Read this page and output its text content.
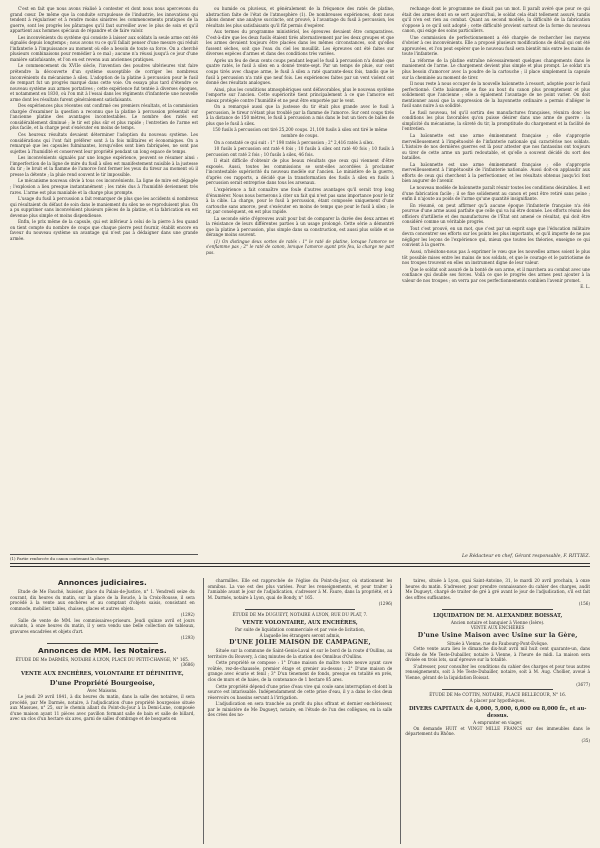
C'est en fait que nous avons réalisé à contester et dont nous nous apercevons du grand cœur. De même que la conduite scrupuleuse de l'industrie, les innovations qui tendent à régulariser et à rendre moins sinistres les commencements pratiques de la guerre, sont les progrès les pâturages qu'il faut surveiller avec le plus de soin et qu'il appartient aux hommes spéciaux de répandre et de faire valoir.
Les inconvénients du système qui consiste à laisser aux soldats la seule arme ont été signalés depuis longtemps ; nous avons vu ce qu'il fallait penser d'une mesure qui réduit l'infanterie à l'impuissance au moment où elle a besoin de toute sa force. On a cherché plusieurs combinaisons pour remédier à ce mal ; aucune n'a réussi jusqu'à ce jour d'une manière satisfaisante, et l'on en est revenu aux anciennes pratiques.
Le commencement du XVIIe siècle, l'invention des poudres ultérieures vint faire prétendre la découverte d'un système susceptible de corriger les nombreux inconvénients du mécanisme à silex. L'adoption de la platine à percussion pour le fusil de rempart fut un progrès marqué dans cette voie. On essaya plus tard d'étendre ce nouveau système aux armes portatives ; cette expérience fut tentée à diverses époques, et notamment en 1830, où l'on mit à l'essai dans les régiments d'infanterie une nouvelle arme dont les résultats furent généralement satisfaisants.
Des expériences plus récentes ont confirmé ces premiers résultats, et la commission chargée d'examiner la question a reconnu que la platine à percussion présentait sur l'ancienne platine des avantages incontestables. Le nombre des ratés est considérablement diminué ; le tir est plus sûr et plus rapide ; l'entretien de l'arme est plus facile, et la charge peut s'exécuter en moins de temps.
Ces heureux résultats devaient déterminer l'adoption du nouveau système. Les considérations qui l'ont fait préférer sont à la fois militaires et économiques. On a remarqué que les capsules fulminantes, lorsqu'elles sont bien fabriquées, ne sont pas sujettes à l'humidité et conservent leur propriété pendant un long espace de temps.
Les inconvénients signalés par une longue expérience, peuvent se résumer ainsi : l'imperfection de la ligne de mire du fusil à silex est manifestement nuisible à la justesse du tir ; le bruit et la flamme de l'amorce font fermer les yeux du tireur au moment où il presse la détente ; la pluie rend souvent le tir impossible.
Le mécanisme nouveau obvie à tous ces inconvénients. La ligne de mire est dégagée ; l'explosion a lieu presque instantanément ; les ratés dus à l'humidité deviennent très rares. L'arme est plus maniable et la charge plus prompte.
L'usage du fusil à percussion a fait remarquer de plus que les accidents si nombreux qui résultaient du défaut de soin dans le maniement du silex ne se reproduisent plus. On a pu supprimer sans inconvénient plusieurs pièces de la platine, et la fabrication en est devenue plus simple et moins dispendieuse.
Enfin, le prix même de la capsule, qui est inférieur à celui de la pierre à feu quand on tient compte du nombre de coups que chaque pierre peut fournir, établit encore en faveur du nouveau système un avantage qui n'est pas à dédaigner dans une grande armée.
(1) Partie renforcée du canon contenant la charge.
ou humide ou pluvieux, et généralement de la fréquence des ratés de platine, abstraction faite de l'état de l'atmosphère (1). De nombreuses expériences, dont nous allons donner une analyse succincte, ont prouvé, à l'avantage du fusil à percussion, les résultats les plus satisfaisants qu'il fût permis d'espérer.
Aux termes du programme ministériel, les épreuves devaient être comparatives. C'est-à-dire que les deux fusils étaient tirés alternativement par les deux groupes et que les armes devaient toujours être placées dans les mêmes circonstances, soit qu'elles fussent sèches, soit que l'eau du ciel les mouillât. Les épreuves ont été faites sur diverses espèces d'armes et dans des conditions très variées.
Après un feu de deux cents coups pendant lequel le fusil à percussion n'a donné que quatre ratés, le fusil à silex en a donné trente-sept. Par un temps de pluie, sur cent coups tirés avec chaque arme, le fusil à silex a raté quarante-deux fois, tandis que le fusil à percussion n'a raté que neuf fois. Les expériences faites par un vent violent ont donné des résultats analogues.
Ainsi, plus les conditions atmosphériques sont défavorables, plus le nouveau système l'emporte sur l'ancien. Cette supériorité tient principalement à ce que l'amorce est mieux protégée contre l'humidité et ne peut être emportée par le vent.
On a remarqué aussi que la justesse du tir était plus grande avec le fusil à percussion, le tireur n'étant plus troublé par la flamme de l'amorce. Sur cent coups tirés à la distance de 150 mètres, le fusil à percussion a mis dans le but un tiers de balles de plus que le fusil à silex.
150 fusils à percussion ont tiré 25,200 coups. 21,100 fusils à silex ont tiré le même nombre de coups.
On a constaté ce qui suit : 1° 198 ratés à percussion ; 2° 2,416 ratés à silex.
10 fusils à percussion ont raté 4 fois ; 10 fusils à silex ont raté 40 fois ; 10 fusils à percussion ont raté 2 fois ; 10 fusils à silex, 46 fois.
Il était difficile d'obtenir de plus beaux résultats que ceux qui viennent d'être exposés. Aussi, toutes les commissions se sont-elles accordées à proclamer l'incontestable supériorité du nouveau modèle sur l'ancien. Le ministère de la guerre, d'après ces rapports, a décidé que la transformation des fusils à silex en fusils à percussion serait entreprise dans tous les arsenaux.
L'expérience a fait connaître une foule d'autres avantages qu'il serait trop long d'énumérer. Nous nous bornerons à citer un fait qui n'est pas sans importance pour le tir à la cible. La charge, pour le fusil à percussion, étant composée uniquement d'une cartouche sans amorce, peut s'exécuter en moins de temps que pour le fusil à silex ; le tir, par conséquent, en est plus rapide.
La seconde série d'épreuves avait pour but de comparer la durée des deux armes et la résistance de leurs différentes parties à un usage prolongé. Cette série a démontré que la platine à percussion, plus simple dans sa construction, est aussi plus solide et se dérange moins souvent.
(1) On distingue deux sortes de ratés : 1° le raté de platine, lorsque l'amorce ne s'enflamme pas ; 2° le raté de canon, lorsque l'amorce ayant pris feu, la charge ne part pas.
rechange dont le programme ne disait pas un mot. Il paraît avéré que pour ce qui était des armes dont on se sert aujourd'hui, le soldat cela était tellement assuré, tandis qu'il n'en est rien au combat. Quant au second modèle, la difficulté de la fabrication s'oppose à ce qu'il soit adopté ; cette difficulté provient surtout de la forme du nouveau canon, qui exige des soins particuliers.
Une commission de perfectionnement a été chargée de rechercher les moyens d'obvier à ces inconvénients. Elle a proposé plusieurs modifications de détail qui ont été approuvées, et l'on peut espérer que le nouveau fusil sera bientôt mis entre les mains de toute l'infanterie.
La réforme de la platine entraîne nécessairement quelques changements dans le maniement de l'arme. Le chargement devient plus simple et plus prompt. Le soldat n'a plus besoin d'amorcer avec la poudre de la cartouche ; il place simplement la capsule sur la cheminée au moment de tirer.
Il nous reste à nous occuper de la nouvelle baïonnette à ressort, adoptée pour le fusil perfectionné. Cette baïonnette se fixe au bout du canon plus promptement et plus solidement que l'ancienne ; elle a également l'avantage de ne point varier. On doit mentionner aussi que la suppression de la bayonnette ordinaire a permis d'alléger le fusil sans nuire à sa solidité.
Le fusil nouveau, tel qu'il sortira des manufactures françaises, réunira donc les conditions les plus favorables qu'on puisse désirer dans une arme de guerre : la simplicité du mécanisme, la sûreté du tir, la promptitude du chargement et la facilité de l'entretien.
La baïonnette est une arme éminemment française ; elle s'approprie merveilleusement à l'impétuosité de l'infanterie nationale qui caractérise nos soldats. L'histoire de nos dernières guerres est là pour attester que nos fantassins ont toujours su tirer de cette arme un parti redoutable, et qu'elle a souvent décidé du sort des batailles.
La baïonnette est une arme éminemment française ; elle s'approprie merveilleusement à l'impétuosité de l'infanterie nationale. Aussi doit-on applaudir aux efforts de ceux qui cherchent à la perfectionner, et les résultats obtenus jusqu'ici font bien augurer de l'avenir.
Le nouveau modèle de baïonnette paraît réunir toutes les conditions désirables. Il est d'une fabrication facile ; il se fixe solidement au canon et peut être retiré sans peine ; enfin il n'ajoute au poids de l'arme qu'une quantité insignifiante.
En résumé, on peut affirmer qu'à aucune époque l'infanterie française n'a été pourvue d'une arme aussi parfaite que celle qui va lui être donnée. Les efforts réunis des officiers d'artillerie et des manufactures de l'État ont amené ce résultat, qui doit être considéré comme un véritable progrès.
Tout c'est prouvé, en un mot, que c'est par un esprit sage que l'éducation militaire devra concentrer ses efforts sur les points les plus importants, et qu'il importe de ne pas négliger les leçons de l'expérience qui, mieux que toutes les théories, enseigne ce qui convient à la guerre.
Aussi, n'hésitons-nous pas à exprimer le vœu que les nouvelles armes soient le plus tôt possible mises entre les mains de nos soldats, et que le courage et le patriotisme de nos troupes trouvent en elles un instrument digne de leur valeur.
Que le soldat soit assuré de la bonté de son arme, et il marchera au combat avec une confiance qui double ses forces. Voilà ce que le progrès des armes peut ajouter à la valeur de nos troupes ; on verra par ces perfectionnements combien l'avenir promet.
E. L.
Le Rédacteur en chef, Gérant responsable, F. RITTIEZ.
Annonces judiciaires.
Etude de Me Fauché, huissier, place du Palais-de-Justice, n° 1. Vendredi seize du courant, dix heures du matin, sur la place de la Boucle, à la Croix-Rousse, il sera procédé à la vente aux enchères et au comptant d'objets saisis, consistant en commode, mobilier, tables, chaises, glaces et autres objets.
(1292)
Salle de vente de MM. les commissaires-priseurs. Jeudi quinze avril et jours suivants, à onze heures du matin, il y sera vendu une belle collection de tableaux, gravures encadrées et objets d'art.
(1293)
Annonces de MM. les Notaires.
ÉTUDE DE Me DARMÈS, NOTAIRE À LYON, PLACE DU PETIT-CHANGE, N° 165.
(3686)
VENTE AUX ENCHÈRES, VOLONTAIRE ET DÉFINITIVE,
D'une Propriété Bourgeoise,
Avec Maisons.
Le jeudi 29 avril 1841, à dix heures du matin, dans la salle des notaires, il sera procédé, par Me Darmès, notaire, à l'adjudication d'une propriété bourgeoise située aux Massues, n° 25, sur le chemin allant du Point-du-Jour à la Demi-Lune, composée d'une maison ayant 11 pièces avec pavillon formant salle de bain et salle de billard, avec un clos d'un hectare six ares, garni de salles d'ombrage et de bosquets en
charmilles. Elle est rapprochée de l'église du Point-du-Jour, où stationnent les omnibus. La vue est des plus variées. Pour les renseignements, et pour traiter à l'amiable avant le jour de l'adjudication, s'adresser à M. Faure, dans la propriété, et à M. Darmès, notaire à Lyon, quai de Bondy, n° 165.
(1296)
ÉTUDE DE Me DUGUEYT, NOTAIRE À LYON, RUE DU PLAT, 7.
VENTE VOLONTAIRE, AUX ENCHÈRES,
Par suite de liquidation commerciale et par voie de licitation,
À laquelle les étrangers seront admis,
D'UNE JOLIE MAISON DE CAMPAGNE,
Située sur la commune de Saint-Genis-Laval et sur le bord de la route d'Oullins, au territoire du Bouvery, à cinq minutes de la station des Omnibus d'Oullins.
Cette propriété se compose : 1° D'une maison de maître toute neuve ayant cave voûtée, rez-de-chaussée, premier étage et grenier au-dessus ; 2° D'une maison de grange avec écurie et fenil ; 3° D'un tènement de fonds, presque en totalité en prés, clos de murs et de haies, de la contenance de 1 hectare 85 ares.
Cette propriété dépend d'une prise d'eau vive qui coule sans interruption et dont la source est intarissable. Indépendamment de cette prise d'eau, il y a dans le clos deux réservoirs ou bassins servant à l'irrigation.
L'adjudication en sera tranchée au profit du plus offrant et dernier enchérisseur, par le ministère de Me Dugueyt, notaire, en l'étude de l'un des collègues, en la salle des crées des no-
taires, située à Lyon, quai Saint-Antoine, 31, le mardi 20 avril prochain, à onze heures du matin. S'adresser, pour prendre connaissance du cahier des charges, audit Me Dugueyt, chargé de traiter de gré à gré avant le jour de l'adjudication, s'il est fait des offres suffisantes.
(156)
LIQUIDATION DE M. ALEXANDRE BOISSAT,
Ancien notaire et banquier à Vienne (Isère).
VENTE AUX ENCHÈRES
D'une Usine Maison avec Usine sur la Gère,
Située à Vienne, rue du Faubourg-Pont-Évêque.
Cette vente aura lieu le dimanche dix-huit avril mil huit cent quarante-un, dans l'étude de Me Teste-Dubailler, notaire à Vienne, à l'heure de midi. La maison sera divisée en trois lots, sauf épreuve sur la totalité.
S'adresser, pour consulter les conditions du cahier des charges et pour tous autres renseignements, soit à Me Teste-Dubailler, notaire, soit à M. Aug. Chollier, avoué à Vienne, gérant de la liquidation Boissat.
(3677)
ÉTUDE DE Me COTTIN, NOTAIRE, PLACE BELLECOUR, N° 16.
A placer par hypothèques,
DIVERS CAPITAUX de 4,000, 5,000, 6,000 ou 8,000 fr., et au-dessus.
A emprunter en viager,
On demande HUIT et VINGT MILLE FRANCS sur des immeubles dans le département du Rhône.
(35)
